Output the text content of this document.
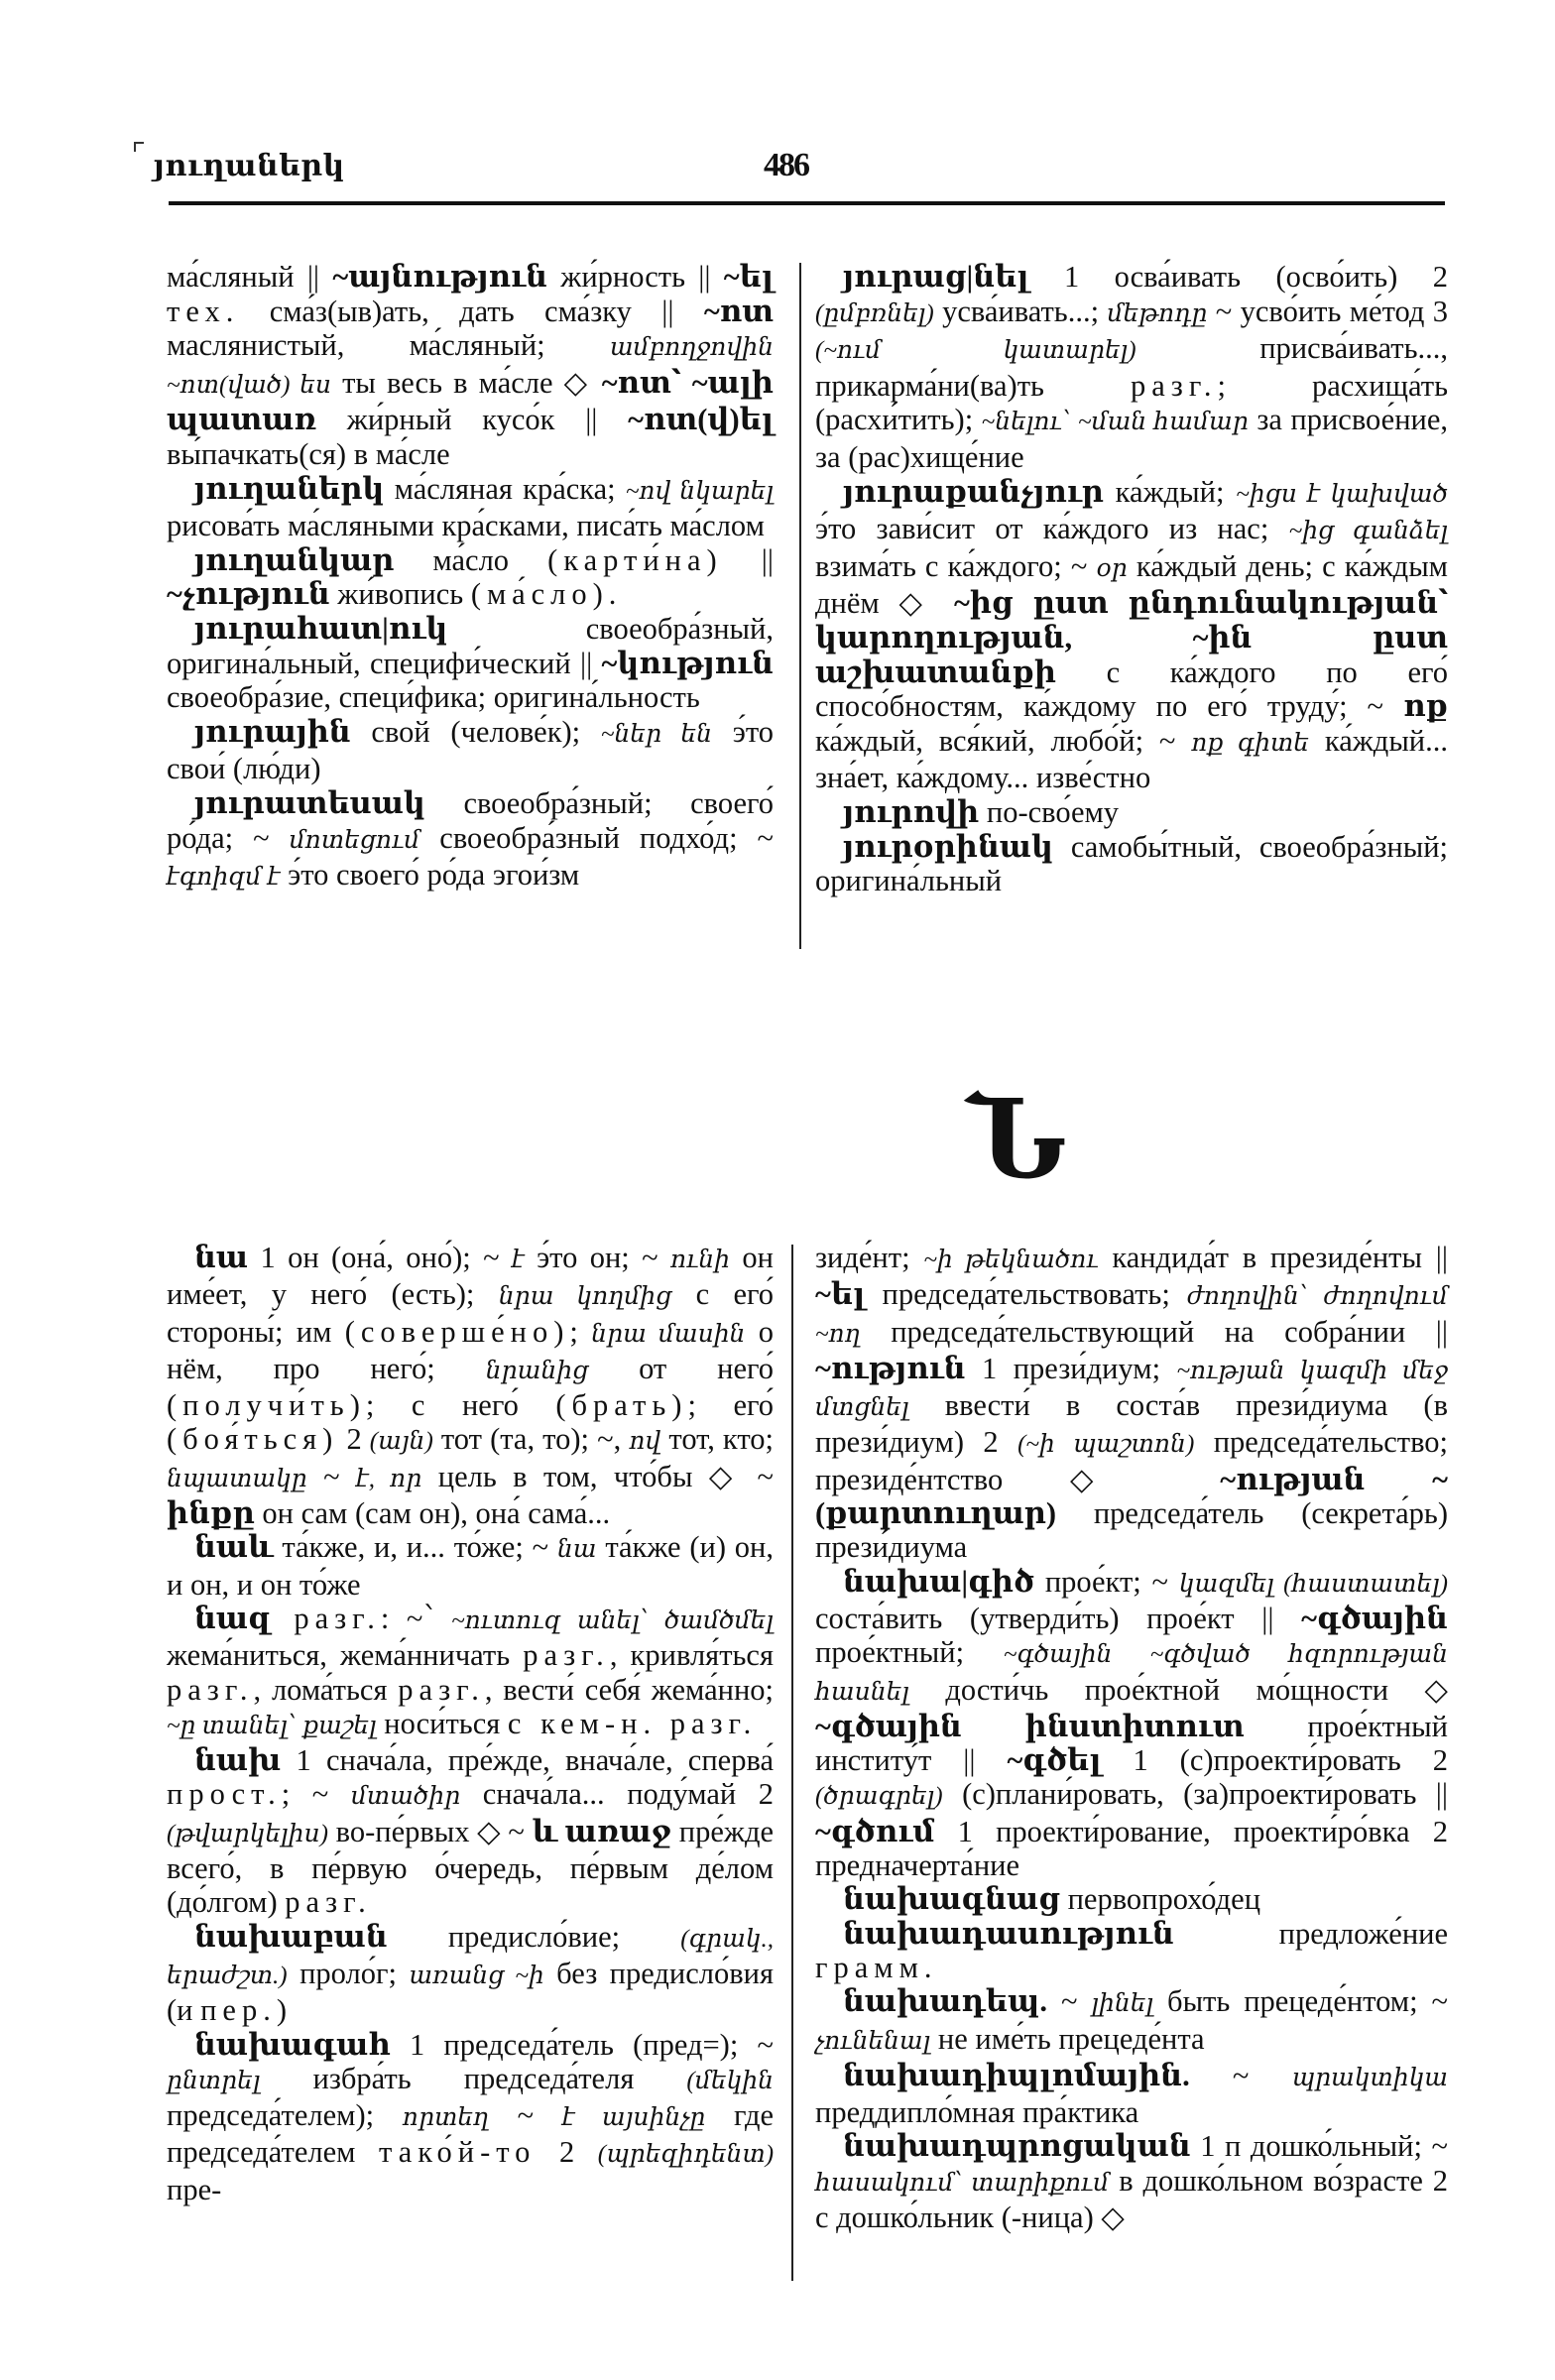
յուղաներկ	486

ма́сляный || ~այնություն жи́рность || ~ել тех. сма́з(ыв)ать, дать сма́зку || ~ոտ маслянистый, ма́сляный; ամբողջովին ~ոտ(ված) ես ты весь в ма́сле ◇ ~ոտ՝ ~ալի պատառ жи́рный кусо́к || ~ոտ(վ)ել вы́пачкать(ся) в ма́сле

յուղաներկ ма́сляная кра́ска; ~ով նկարել рисова́ть ма́сляными кра́сками, писа́ть ма́слом

յուղանկար ма́сло (карти́на) || ~չություն жи́вопись (ма́сло).

յուրահատ|ուկ своеобра́зный, оригина́льный, специфи́ческий || ~կություն своеобра́зие, специ́фика; оригина́льность

յուրային свой (челове́к); ~ներ են э́то свои́ (лю́ди)

յուրատեսակ своеобра́зный; своего́ ро́да; ~ մոտեցում своеобра́зный подхо́д; ~ էգոիզմ է э́то своего́ ро́да эгои́зм

յուրաց|նել 1 осва́ивать (осво́ить) 2 (ըմբռնել) усва́ивать...; մեթոդը ~ усво́ить ме́тод 3 (~ում կատարել) присва́ивать..., прикарма́ни(ва)ть разг.; расхища́ть (расхи́тить); ~նելու՝ ~ման համար за присвое́ние, за (рас)хище́ние

յուրաքանչյուր ка́ждый; ~իցս է կախված э́то зави́сит от ка́ждого из нас; ~ից գանձել взима́ть с ка́ждого; ~ օր ка́ждый день; с ка́ждым днём ◇ ~ից ըստ ընդունակության՝ կարողության, ~ին ըստ աշխատանքի с ка́ждого по его́ спосо́бностям, ка́ждому по его́ труду́; ~ ոք ка́ждый, вся́кий, любо́й; ~ ոք գիտե ка́ждый... зна́ет, ка́ждому... изве́стно

յուրովի по-сво́ему

յուրօրինակ самобы́тный, своеобра́зный; оригина́льный

Ն

նա 1 он (она́, оно́); ~ է э́то он; ~ ունի он име́ет, у него́ (есть); նրա կողմից с его́ стороны́; им (соверше́но); նրա մասին о нём, про него́; նրանից от него́ (получи́ть); с него́ (брать); его́ (боя́ться) 2 (այն) тот (та, то); ~, ով тот, кто; նպատակը ~ է, որ цель в том, что́бы ◇ ~ ինքը он сам (сам он), она́ сама́...

նաև та́кже, и, и... то́же; ~ նա та́кже (и) он, и он, и он то́же

նազ разг.: ~՝ ~ուտուզ անել՝ ծամծմել жема́ниться, жема́нничать разг., кривля́ться разг., лома́ться разг., вести́ себя́ жема́нно; ~ը տանել՝ քաշել носи́ться с кем-н. разг.

նախ 1 снача́ла, пре́жде, внача́ле, сперва́ прост.; ~ մտածիր снача́ла... поду́май 2 (թվարկելիս) во-пе́рвых ◇ ~ և առաջ пре́жде всего́, в пе́рвую о́чередь, пе́рвым де́лом (до́лгом) разг.

նախաբան предисло́вие; (գրակ., երաժշտ.) проло́г; առանց ~ի без предисло́вия (и пер.)

նախագահ 1 председа́тель (пред=); ~ ընտրել избра́ть председа́теля (մեկին председа́телем); որտեղ ~ է այսինչը где председа́телем тако́й-то 2 (պրեզիդենտ) пре-

зиде́нт; ~ի թեկնածու кандида́т в президе́нты || ~ել председа́тельствовать; ժողովին՝ ժողովում ~ող председа́тельствующий на собра́нии || ~ություն 1 прези́диум; ~ության կազմի մեջ մտցնել ввести́ в соста́в прези́диума (в прези́диум) 2 (~ի պաշտոն) председа́тельство; президе́нтство ◇ ~ության ~ (քարտուղար) председа́тель (секрета́рь) прези́диума

նախա|գիծ прое́кт; ~ կազմել (հաստատել) соста́вить (утверди́ть) прое́кт || ~գծային прое́ктный; ~գծային ~գծված հզորության հասնել дости́чь прое́ктной мо́щности ◇ ~գծային ինստիտուտ прое́ктный институ́т || ~գծել 1 (с)проекти́ровать 2 (ծրագրել) (с)плани́ровать, (за)проекти́ровать || ~գծում 1 проекти́рование, проекти́ро́вка 2 предначерта́ние

նախագնաց первопрохо́дец

նախադասություն предложе́ние грамм.

նախադեպ. ~ լինել быть прецеде́нтом; ~ չունենալ не име́ть прецеде́нта

նախադիպլոմային. ~ պրակտիկա преддипло́мная пра́ктика

նախադպրոցական 1 п дошко́льный; ~ հասակում՝ տարիքում в дошко́льном во́зрасте 2 с дошко́льник (-ница) ◇
